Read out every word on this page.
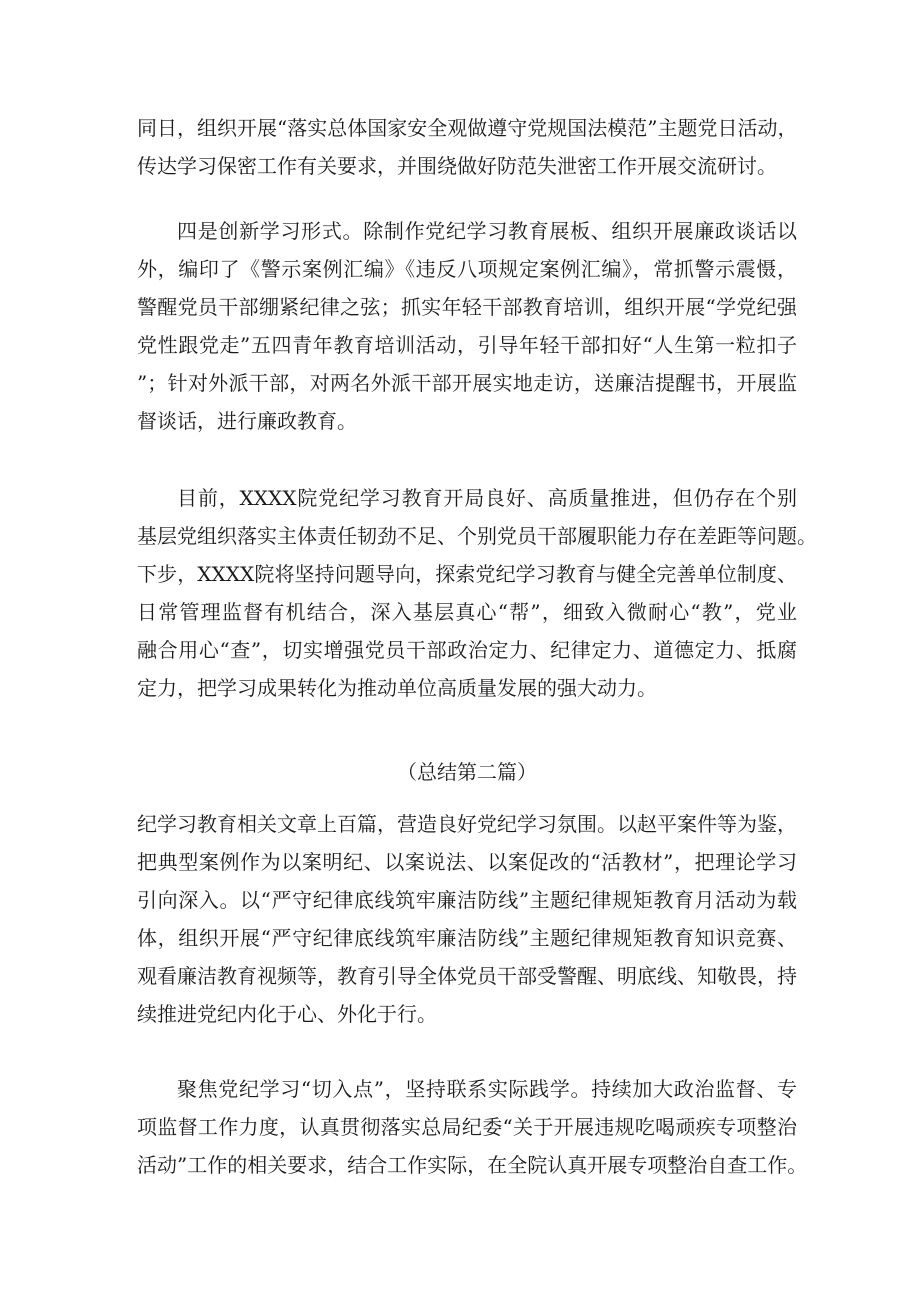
同日，组织开展“落实总体国家安全观做遵守党规国法模范”主题党日活动，
传达学习保密工作有关要求，并围绕做好防范失泄密工作开展交流研讨。
四是创新学习形式。除制作党纪学习教育展板、组织开展廉政谈话以
外，编印了《警示案例汇编》《违反八项规定案例汇编》，常抓警示震慑，
警醒党员干部绷紧纪律之弦；抓实年轻干部教育培训，组织开展“学党纪强
党性跟党走”五四青年教育培训活动，引导年轻干部扣好“人生第一粒扣子
”；针对外派干部，对两名外派干部开展实地走访，送廉洁提醒书，开展监
督谈话，进行廉政教育。
目前，XXXX院党纪学习教育开局良好、高质量推进，但仍存在个别
基层党组织落实主体责任韧劲不足、个别党员干部履职能力存在差距等问题。
下步，XXXX院将坚持问题导向，探索党纪学习教育与健全完善单位制度、
日常管理监督有机结合，深入基层真心“帮”，细致入微耐心“教”，党业
融合用心“查”，切实增强党员干部政治定力、纪律定力、道德定力、抵腐
定力，把学习成果转化为推动单位高质量发展的强大动力。
（总结第二篇）
纪学习教育相关文章上百篇，营造良好党纪学习氛围。以赵平案件等为鉴，
把典型案例作为以案明纪、以案说法、以案促改的“活教材”，把理论学习
引向深入。以“严守纪律底线筑牢廉洁防线”主题纪律规矩教育月活动为载
体，组织开展“严守纪律底线筑牢廉洁防线”主题纪律规矩教育知识竞赛、
观看廉洁教育视频等，教育引导全体党员干部受警醒、明底线、知敬畏，持
续推进党纪内化于心、外化于行。
聚焦党纪学习“切入点”，坚持联系实际践学。持续加大政治监督、专
项监督工作力度，认真贯彻落实总局纪委“关于开展违规吃喝顽疾专项整治
活动”工作的相关要求，结合工作实际，在全院认真开展专项整治自查工作。
